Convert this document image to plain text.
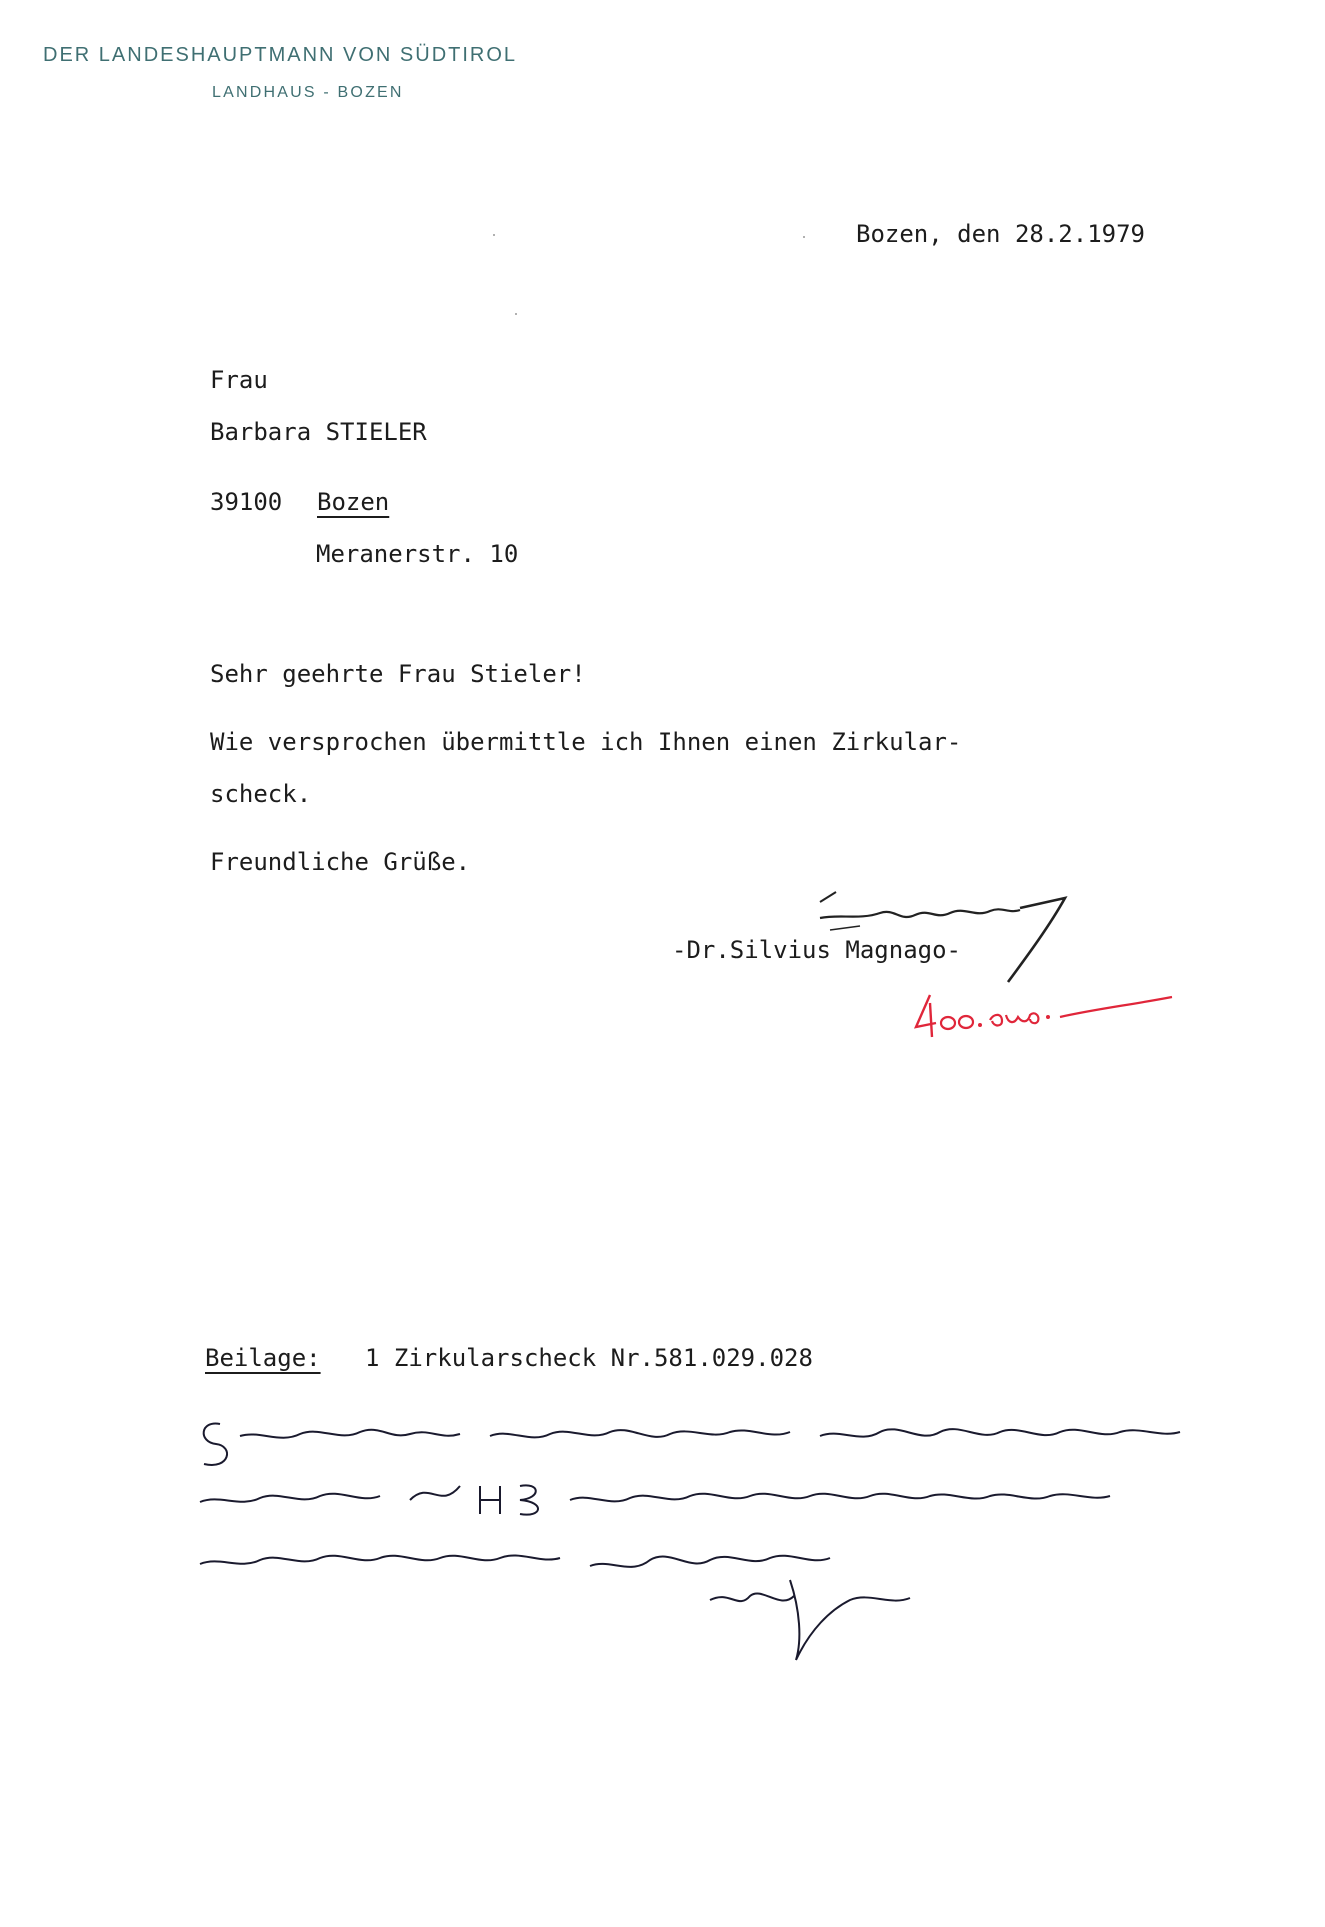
DER LANDESHAUPTMANN VON SÜDTIROL
LANDHAUS - BOZEN
Bozen, den 28.2.1979
Frau
Barbara STIELER
39100 Bozen
Meranerstr. 10
Sehr geehrte Frau Stieler!
Wie versprochen übermittle ich Ihnen einen Zirkular-
scheck.
Freundliche Grüße.
-Dr.Silvius Magnago-
Beilage: 1 Zirkularscheck Nr.581.029.028
